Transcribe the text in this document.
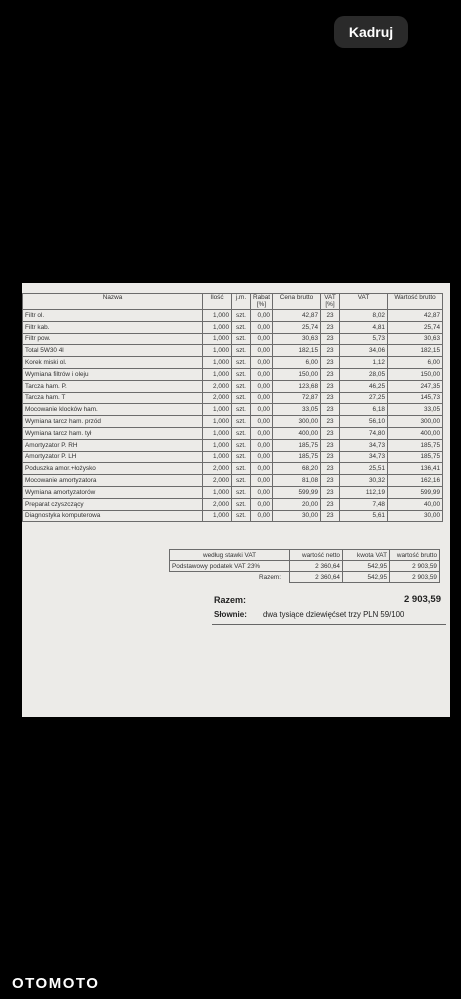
Kadruj
Nazwa	Ilość	j.m.	Rabat [%]	Cena brutto	VAT [%]	VAT	Wartość brutto
Filtr ol.	1,000	szt.	0,00	42,87	23	8,02	42,87
Filtr kab.	1,000	szt.	0,00	25,74	23	4,81	25,74
Filtr pow.	1,000	szt.	0,00	30,63	23	5,73	30,63
Total 5W30 4l	1,000	szt.	0,00	182,15	23	34,06	182,15
Korek miski ol.	1,000	szt.	0,00	6,00	23	1,12	6,00
Wymiana filtrów i oleju	1,000	szt.	0,00	150,00	23	28,05	150,00
Tarcza ham. P.	2,000	szt.	0,00	123,68	23	46,25	247,35
Tarcza ham. T	2,000	szt.	0,00	72,87	23	27,25	145,73
Mocowanie klocków ham.	1,000	szt.	0,00	33,05	23	6,18	33,05
Wymiana tarcz ham. przód	1,000	szt.	0,00	300,00	23	56,10	300,00
Wymiana tarcz ham. tył	1,000	szt.	0,00	400,00	23	74,80	400,00
Amortyzator P. RH	1,000	szt.	0,00	185,75	23	34,73	185,75
Amortyzator P. LH	1,000	szt.	0,00	185,75	23	34,73	185,75
Poduszka amor.+łożysko	2,000	szt.	0,00	68,20	23	25,51	136,41
Mocowanie amortyzatora	2,000	szt.	0,00	81,08	23	30,32	162,16
Wymiana amortyzatorów	1,000	szt.	0,00	599,99	23	112,19	599,99
Preparat czyszczący	2,000	szt.	0,00	20,00	23	7,48	40,00
Diagnostyka komputerowa	1,000	szt.	0,00	30,00	23	5,61	30,00
według stawki VAT	wartość netto	kwota VAT	wartość brutto
Podstawowy podatek VAT 23%	2 360,64	542,95	2 903,59
Razem:	2 360,64	542,95	2 903,59
Razem:	2 903,59
Słownie: dwa tysiące dziewięćset trzy PLN 59/100
OTOMOTO
